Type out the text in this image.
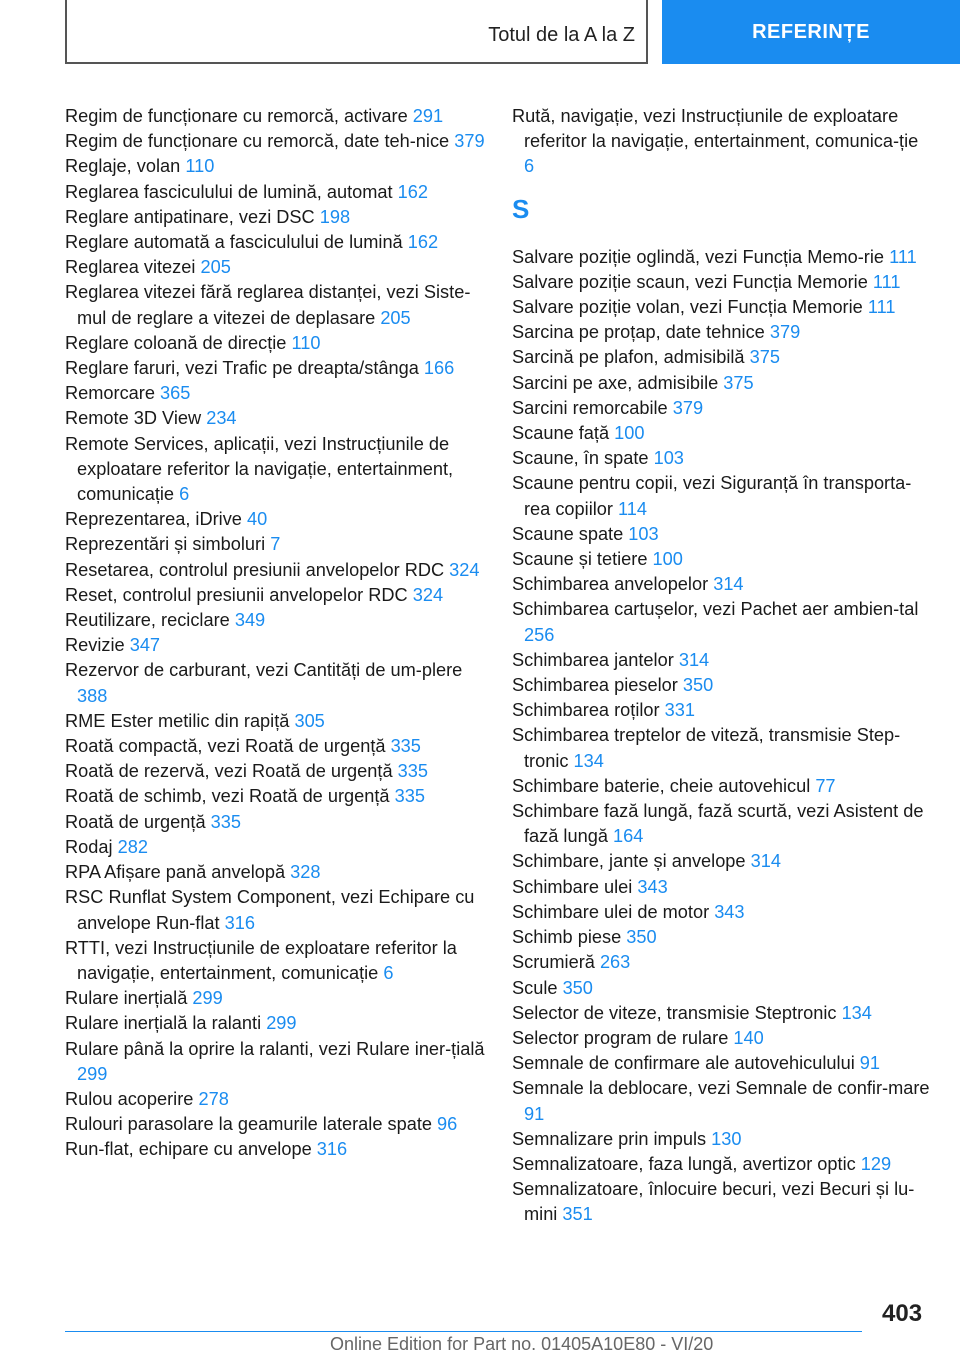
Totul de la A la Z	REFERINȚE
Regim de funcționare cu remorcă, activare 291
Regim de funcționare cu remorcă, date teh-nice 379
Reglaje, volan 110
Reglarea fasciculului de lumină, automat 162
Reglare antipatinare, vezi DSC 198
Reglare automată a fasciculului de lumină 162
Reglarea vitezei 205
Reglarea vitezei fără reglarea distanței, vezi Siste-mul de reglare a vitezei de deplasare 205
Reglare coloană de direcție 110
Reglare faruri, vezi Trafic pe dreapta/stânga 166
Remorcare 365
Remote 3D View 234
Remote Services, aplicații, vezi Instrucțiunile de exploatare referitor la navigație, entertainment, comunicație 6
Reprezentarea, iDrive 40
Reprezentări și simboluri 7
Resetarea, controlul presiunii anvelopelor RDC 324
Reset, controlul presiunii anvelopelor RDC 324
Reutilizare, reciclare 349
Revizie 347
Rezervor de carburant, vezi Cantități de um-plere 388
RME Ester metilic din rapiță 305
Roată compactă, vezi Roată de urgență 335
Roată de rezervă, vezi Roată de urgență 335
Roată de schimb, vezi Roată de urgență 335
Roată de urgență 335
Rodaj 282
RPA Afișare pană anvelopă 328
RSC Runflat System Component, vezi Echipare cu anvelope Run-flat 316
RTTI, vezi Instrucțiunile de exploatare referitor la navigație, entertainment, comunicație 6
Rulare inerțială 299
Rulare inerțială la ralanti 299
Rulare până la oprire la ralanti, vezi Rulare iner-țială 299
Rulou acoperire 278
Rulouri parasolare la geamurile laterale spate 96
Run-flat, echipare cu anvelope 316
Rută, navigație, vezi Instrucțiunile de exploatare referitor la navigație, entertainment, comunica-ție 6
S
Salvare poziție oglindă, vezi Funcția Memo-rie 111
Salvare poziție scaun, vezi Funcția Memorie 111
Salvare poziție volan, vezi Funcția Memorie 111
Sarcina pe proțap, date tehnice 379
Sarcină pe plafon, admisibilă 375
Sarcini pe axe, admisibile 375
Sarcini remorcabile 379
Scaune față 100
Scaune, în spate 103
Scaune pentru copii, vezi Siguranță în transporta-rea copiilor 114
Scaune spate 103
Scaune și tetiere 100
Schimbarea anvelopelor 314
Schimbarea cartușelor, vezi Pachet aer ambien-tal 256
Schimbarea jantelor 314
Schimbarea pieselor 350
Schimbarea roților 331
Schimbarea treptelor de viteză, transmisie Step-tronic 134
Schimbare baterie, cheie autovehicul 77
Schimbare fază lungă, fază scurtă, vezi Asistent de fază lungă 164
Schimbare, jante și anvelope 314
Schimbare ulei 343
Schimbare ulei de motor 343
Schimb piese 350
Scrumieră 263
Scule 350
Selector de viteze, transmisie Steptronic 134
Selector program de rulare 140
Semnale de confirmare ale autovehiculului 91
Semnale la deblocare, vezi Semnale de confir-mare 91
Semnalizare prin impuls 130
Semnalizatoare, faza lungă, avertizor optic 129
Semnalizatoare, înlocuire becuri, vezi Becuri și lu-mini 351
403
Online Edition for Part no. 01405A10E80 - VI/20
